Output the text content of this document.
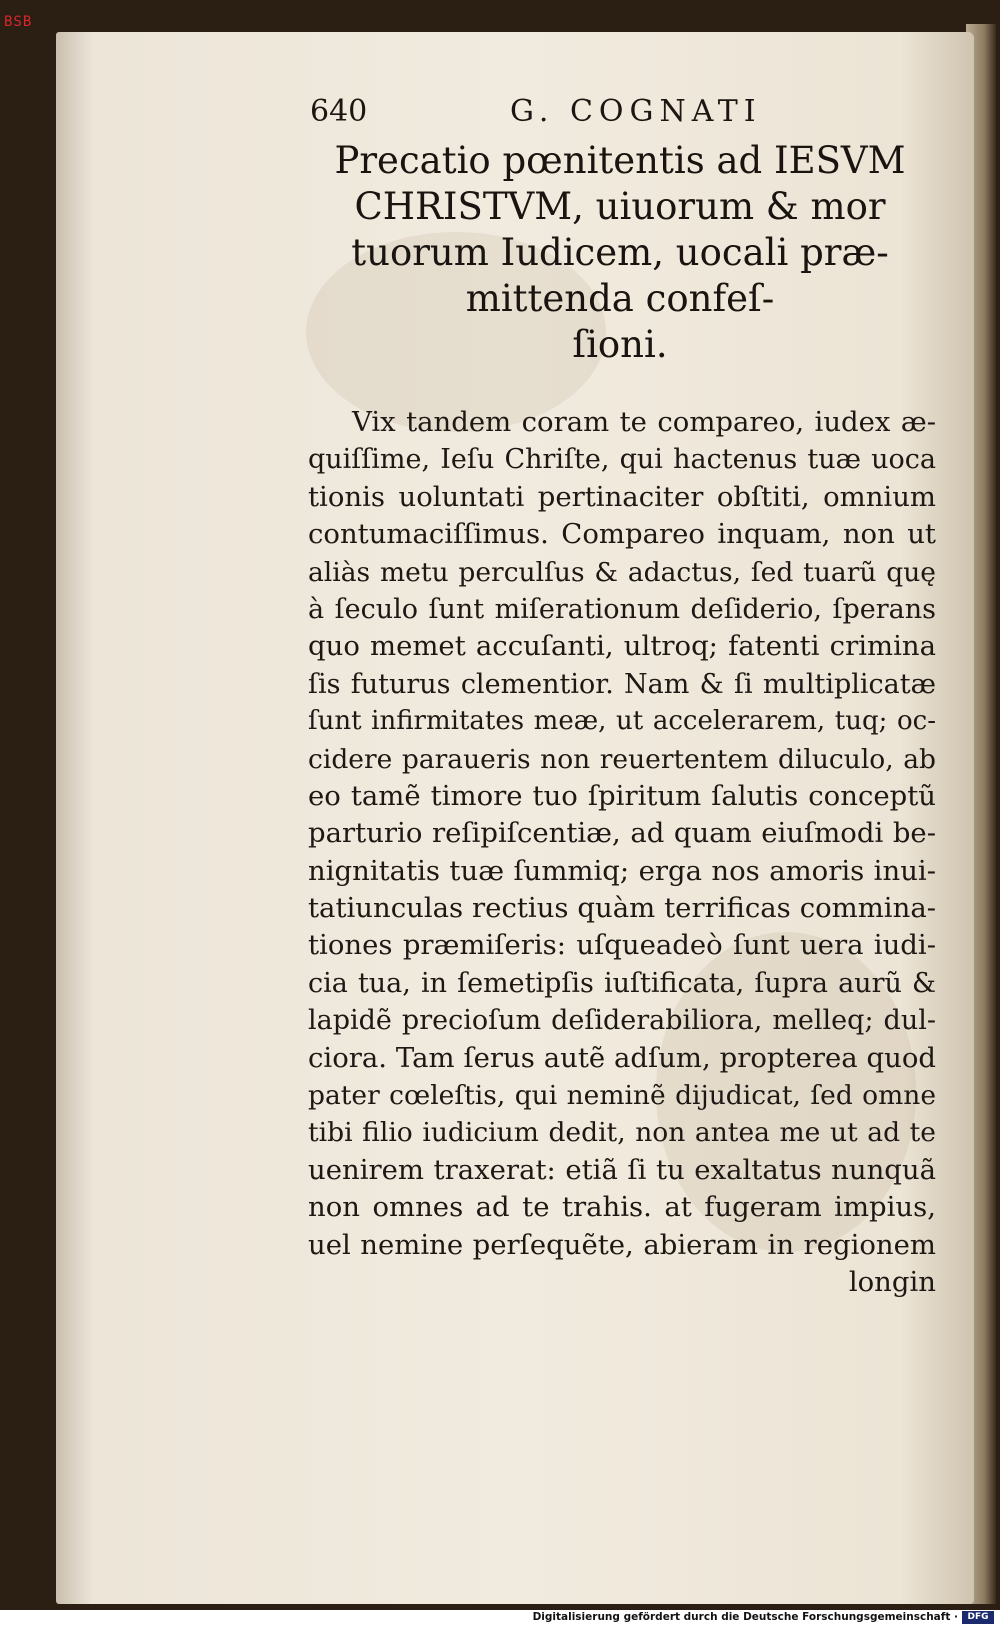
BSB
640	G. COGNATI
Precatio pœnitentis ad IESVM
CHRISTVM, uiuorum & mor
tuorum Iudicem, uocali præ-
mittenda confeſ-
ſioni.
Vix tandem coram te compareo, iudex æ-
quiſſime, Ieſu Chriſte, qui hactenus tuæ uoca
tionis uoluntati pertinaciter obſtiti, omnium
contumaciſſimus. Compareo inquam, non ut
aliàs metu perculſus & adactus, ſed tuarũ quę
à ſeculo ſunt miſerationum deſiderio, ſperans
quo memet accuſanti, ultroq; fatenti crimina
ſis futurus clementior. Nam & ſi multiplicatæ
ſunt infirmitates meæ, ut accelerarem, tuq; oc-
cidere paraueris non reuertentem diluculo, ab
eo tamẽ timore tuo ſpiritum ſalutis conceptũ
parturio reſipiſcentiæ, ad quam eiuſmodi be-
nignitatis tuæ ſummiq; erga nos amoris inui-
tatiunculas rectius quàm terrificas commina-
tiones præmiſeris: uſqueadeò ſunt uera iudi-
cia tua, in ſemetipſis iuſtificata, ſupra aurũ &
lapidẽ precioſum deſiderabiliora, melleq; dul-
ciora. Tam ſerus autẽ adſum, propterea quod
pater cœleſtis, qui neminẽ dijudicat, ſed omne
tibi filio iudicium dedit, non antea me ut ad te
uenirem traxerat: etiã ſi tu exaltatus nunquã
non omnes ad te trahis. at fugeram impius,
uel nemine perſequẽte, abieram in regionem
longin
Digitalisierung gefördert durch die Deutsche Forschungsgemeinschaft ·	DFG
